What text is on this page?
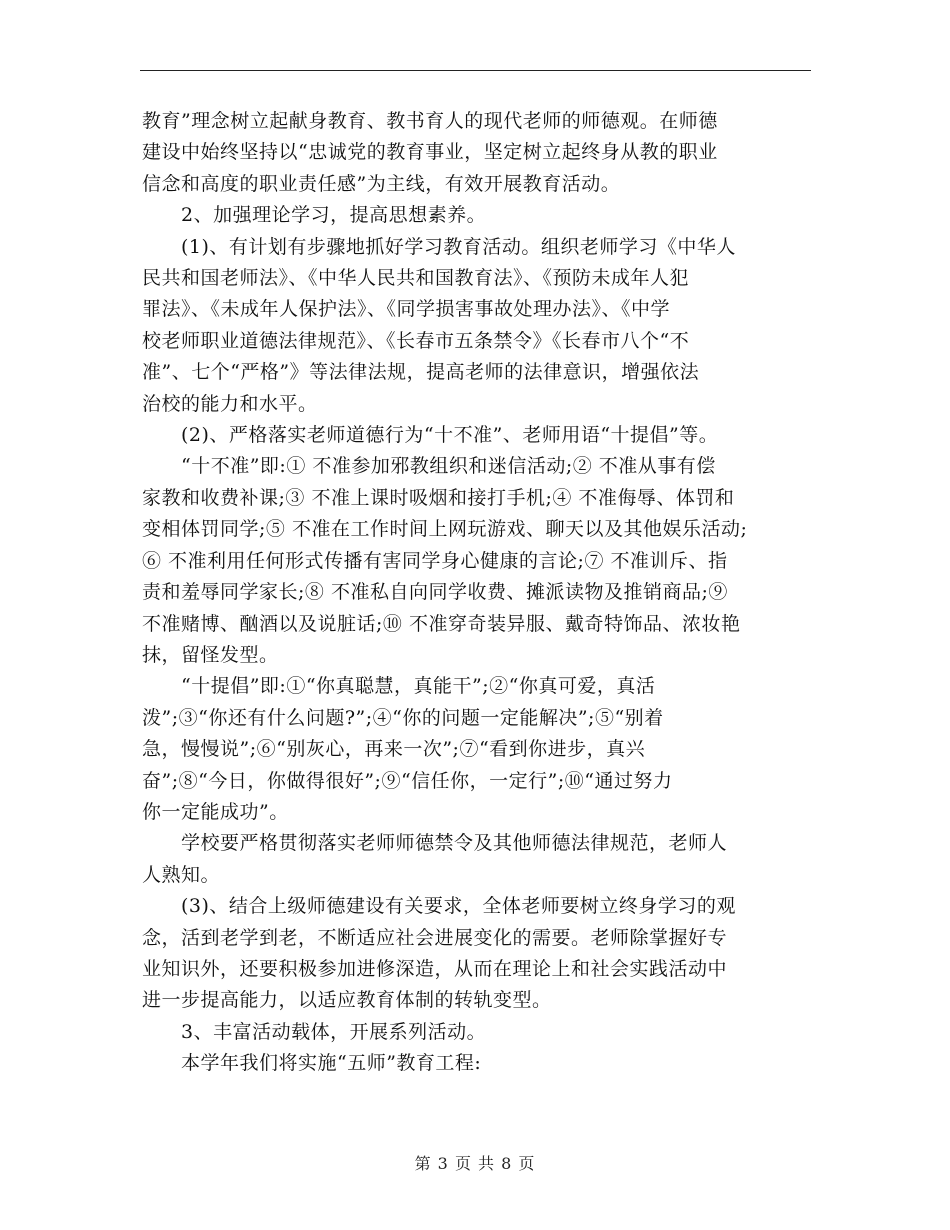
教育”理念树立起献身教育、教书育人的现代老师的师德观。在师德
建设中始终坚持以“忠诚党的教育事业，坚定树立起终身从教的职业
信念和高度的职业责任感”为主线，有效开展教育活动。
　　2、加强理论学习，提高思想素养。
　　(1)、有计划有步骤地抓好学习教育活动。组织老师学习《中华人
民共和国老师法》、《中华人民共和国教育法》、《预防未成年人犯
罪法》、《未成年人保护法》、《同学损害事故处理办法》、《中学
校老师职业道德法律规范》、《长春市五条禁令》《长春市八个“不
准”、七个“严格”》等法律法规，提高老师的法律意识，增强依法
治校的能力和水平。
　　(2)、严格落实老师道德行为“十不准”、老师用语“十提倡”等。
　　“十不准”即:① 不准参加邪教组织和迷信活动;② 不准从事有偿
家教和收费补课;③ 不准上课时吸烟和接打手机;④ 不准侮辱、体罚和
变相体罚同学;⑤ 不准在工作时间上网玩游戏、聊天以及其他娱乐活动;
⑥ 不准利用任何形式传播有害同学身心健康的言论;⑦ 不准训斥、指
责和羞辱同学家长;⑧ 不准私自向同学收费、摊派读物及推销商品;⑨
不准赌博、酗酒以及说脏话;⑩ 不准穿奇装异服、戴奇特饰品、浓妆艳
抹，留怪发型。
　　“十提倡”即:①“你真聪慧，真能干”;②“你真可爱，真活
泼”;③“你还有什么问题?”;④“你的问题一定能解决”;⑤“别着
急，慢慢说”;⑥“别灰心，再来一次”;⑦“看到你进步，真兴
奋”;⑧“今日，你做得很好”;⑨“信任你，一定行”;⑩“通过努力
你一定能成功”。
　　学校要严格贯彻落实老师师德禁令及其他师德法律规范，老师人
人熟知。
　　(3)、结合上级师德建设有关要求，全体老师要树立终身学习的观
念，活到老学到老，不断适应社会进展变化的需要。老师除掌握好专
业知识外，还要积极参加进修深造，从而在理论上和社会实践活动中
进一步提高能力，以适应教育体制的转轨变型。
　　3、丰富活动载体，开展系列活动。
　　本学年我们将实施“五师”教育工程:
第 3 页 共 8 页
